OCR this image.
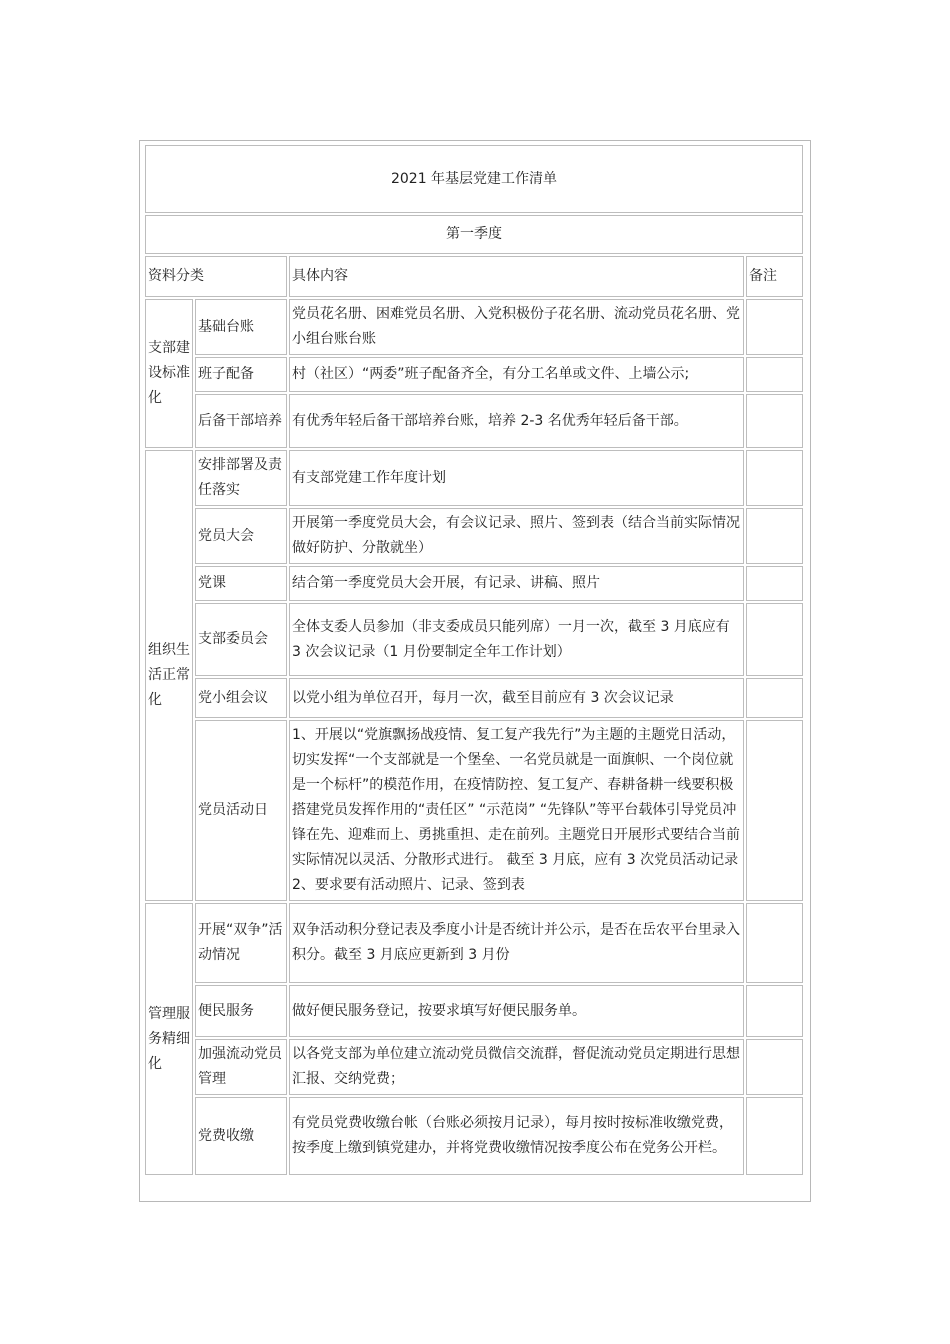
2021 年基层党建工作清单			
第一季度			
资料分类		具体内容	备注
支部建设标准化	基础台账	党员花名册、困难党员名册、入党积极份子花名册、流动党员花名册、党小组台账台账	
	班子配备	村（社区）“两委”班子配备齐全，有分工名单或文件、上墙公示;	
	后备干部培养	有优秀年轻后备干部培养台账，培养 2-3 名优秀年轻后备干部。	
组织生活正常化	安排部署及责任落实	有支部党建工作年度计划	
	党员大会	开展第一季度党员大会，有会议记录、照片、签到表（结合当前实际情况做好防护、分散就坐）	
	党课	结合第一季度党员大会开展，有记录、讲稿、照片	
	支部委员会	全体支委人员参加（非支委成员只能列席）一月一次，截至 3 月底应有 3 次会议记录（1 月份要制定全年工作计划）	
	党小组会议	以党小组为单位召开，每月一次，截至目前应有 3 次会议记录	
	党员活动日	1、开展以“党旗飘扬战疫情、复工复产我先行”为主题的主题党日活动，切实发挥“一个支部就是一个堡垒、一名党员就是一面旗帜、一个岗位就是一个标杆”的模范作用，在疫情防控、复工复产、春耕备耕一线要积极搭建党员发挥作用的“责任区” “示范岗” “先锋队”等平台载体引导党员冲锋在先、迎难而上、勇挑重担、走在前列。主题党日开展形式要结合当前实际情况以灵活、分散形式进行。 截至 3 月底，应有 3 次党员活动记录 2、要求要有活动照片、记录、签到表	

管理服务精细化	开展“双争”活动情况	双争活动积分登记表及季度小计是否统计并公示，是否在岳农平台里录入积分。截至 3 月底应更新到 3 月份	
	便民服务	做好便民服务登记，按要求填写好便民服务单。	
	加强流动党员管理	以各党支部为单位建立流动党员微信交流群，督促流动党员定期进行思想汇报、交纳党费；	
	党费收缴	有党员党费收缴台帐（台账必须按月记录），每月按时按标准收缴党费，按季度上缴到镇党建办，并将党费收缴情况按季度公布在党务公开栏。	
